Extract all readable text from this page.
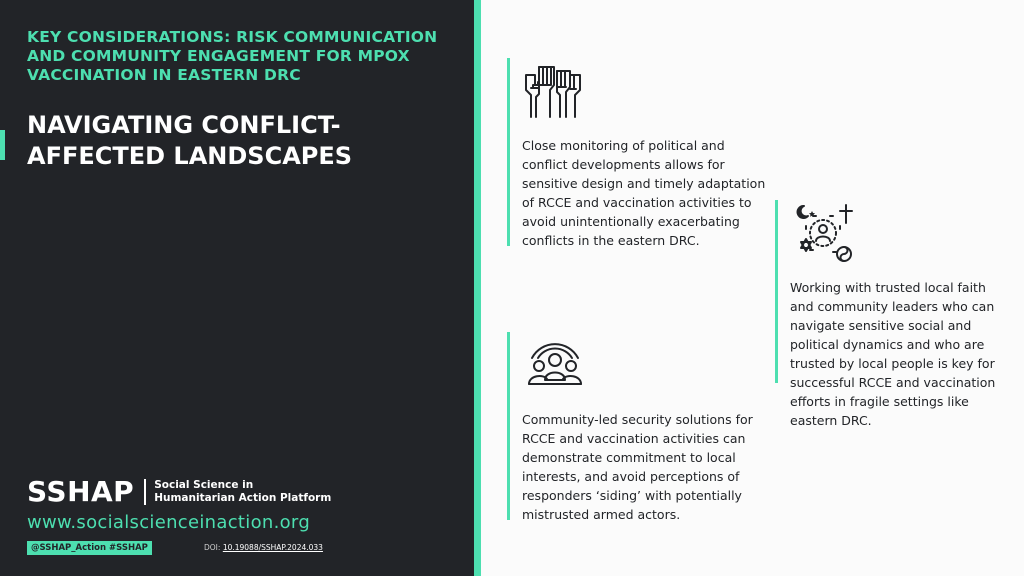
KEY CONSIDERATIONS: RISK COMMUNICATION AND COMMUNITY ENGAGEMENT FOR MPOX VACCINATION IN EASTERN DRC
NAVIGATING CONFLICT-AFFECTED LANDSCAPES
SSHAP Social Science in Humanitarian Action Platform
www.socialscienceinaction.org
@SSHAP_Action #SSHAP	DOI: 10.19088/SSHAP.2024.033
Close monitoring of political and conflict developments allows for sensitive design and timely adaptation of RCCE and vaccination activities to avoid unintentionally exacerbating conflicts in the eastern DRC.
Working with trusted local faith and community leaders who can navigate sensitive social and political dynamics and who are trusted by local people is key for successful RCCE and vaccination efforts in fragile settings like eastern DRC.
Community-led security solutions for RCCE and vaccination activities can demonstrate commitment to local interests, and avoid perceptions of responders ‘siding’ with potentially mistrusted armed actors.
